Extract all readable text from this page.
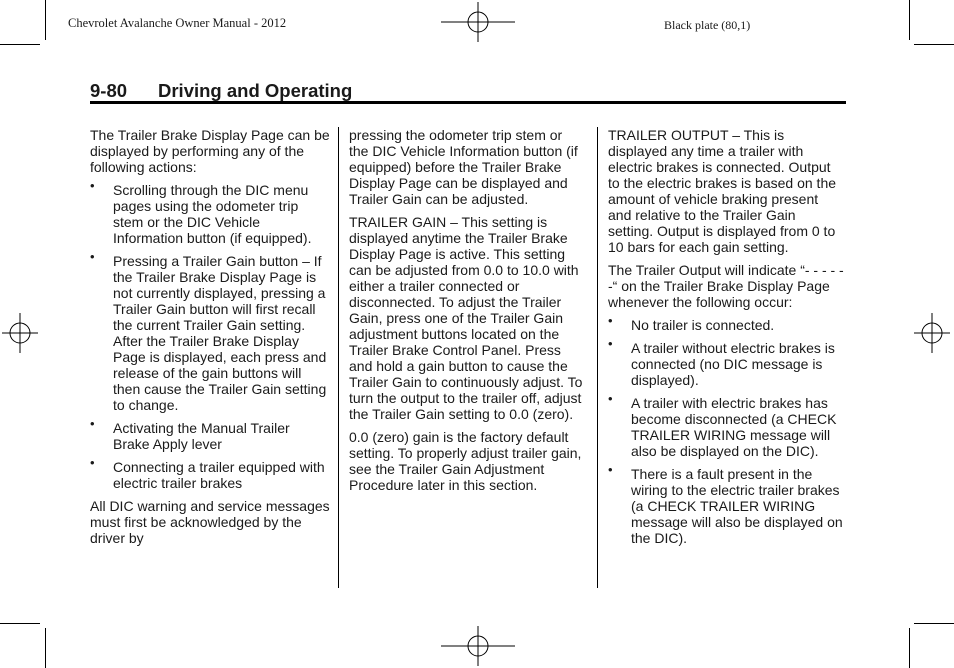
Chevrolet Avalanche Owner Manual - 2012	Black plate (80,1)
9-80 Driving and Operating

The Trailer Brake Display Page can be displayed by performing any of the following actions:

• Scrolling through the DIC menu pages using the odometer trip stem or the DIC Vehicle Information button (if equipped).
• Pressing a Trailer Gain button – If the Trailer Brake Display Page is not currently displayed, pressing a Trailer Gain button will first recall the current Trailer Gain setting. After the Trailer Brake Display Page is displayed, each press and release of the gain buttons will then cause the Trailer Gain setting to change.
• Activating the Manual Trailer Brake Apply lever
• Connecting a trailer equipped with electric trailer brakes

All DIC warning and service messages must first be acknowledged by the driver by

pressing the odometer trip stem or the DIC Vehicle Information button (if equipped) before the Trailer Brake Display Page can be displayed and Trailer Gain can be adjusted.

TRAILER GAIN – This setting is displayed anytime the Trailer Brake Display Page is active. This setting can be adjusted from 0.0 to 10.0 with either a trailer connected or disconnected. To adjust the Trailer Gain, press one of the Trailer Gain adjustment buttons located on the Trailer Brake Control Panel. Press and hold a gain button to cause the Trailer Gain to continuously adjust. To turn the output to the trailer off, adjust the Trailer Gain setting to 0.0 (zero).

0.0 (zero) gain is the factory default setting. To properly adjust trailer gain, see the Trailer Gain Adjustment Procedure later in this section.

TRAILER OUTPUT – This is displayed any time a trailer with electric brakes is connected. Output to the electric brakes is based on the amount of vehicle braking present and relative to the Trailer Gain setting. Output is displayed from 0 to 10 bars for each gain setting.

The Trailer Output will indicate “- - - - - -“ on the Trailer Brake Display Page whenever the following occur:

• No trailer is connected.
• A trailer without electric brakes is connected (no DIC message is displayed).
• A trailer with electric brakes has become disconnected (a CHECK TRAILER WIRING message will also be displayed on the DIC).
• There is a fault present in the wiring to the electric trailer brakes (a CHECK TRAILER WIRING message will also be displayed on the DIC).
